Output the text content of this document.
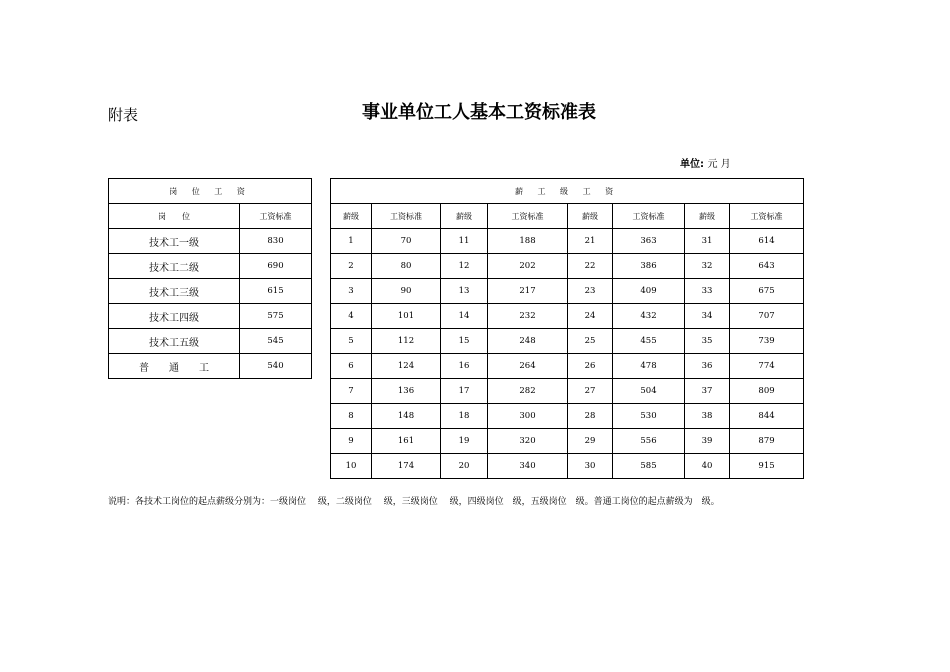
附表	事业单位工人基本工资标准表
单位: 元 月
岗 位 工 资	
岗　　位	工资标准
技术工一级	830
技术工二级	690
技术工三级	615
技术工四级	575
技术工五级	545
普　　通　　工	540
薪 工 级 工 资							
薪级	工资标准	薪级	工资标准	薪级	工资标准	薪级	工资标准
1	70	11	188	21	363	31	614
2	80	12	202	22	386	32	643
3	90	13	217	23	409	33	675
4	101	14	232	24	432	34	707
5	112	15	248	25	455	35	739
6	124	16	264	26	478	36	774
7	136	17	282	27	504	37	809
8	148	18	300	28	530	38	844
9	161	19	320	29	556	39	879
10	174	20	340	30	585	40	915
说明：各技术工岗位的起点薪级分别为：一级岗位　 级，二级岗位　 级，三级岗位　 级，四级岗位　级，五级岗位　级。普通工岗位的起点薪级为　级。
